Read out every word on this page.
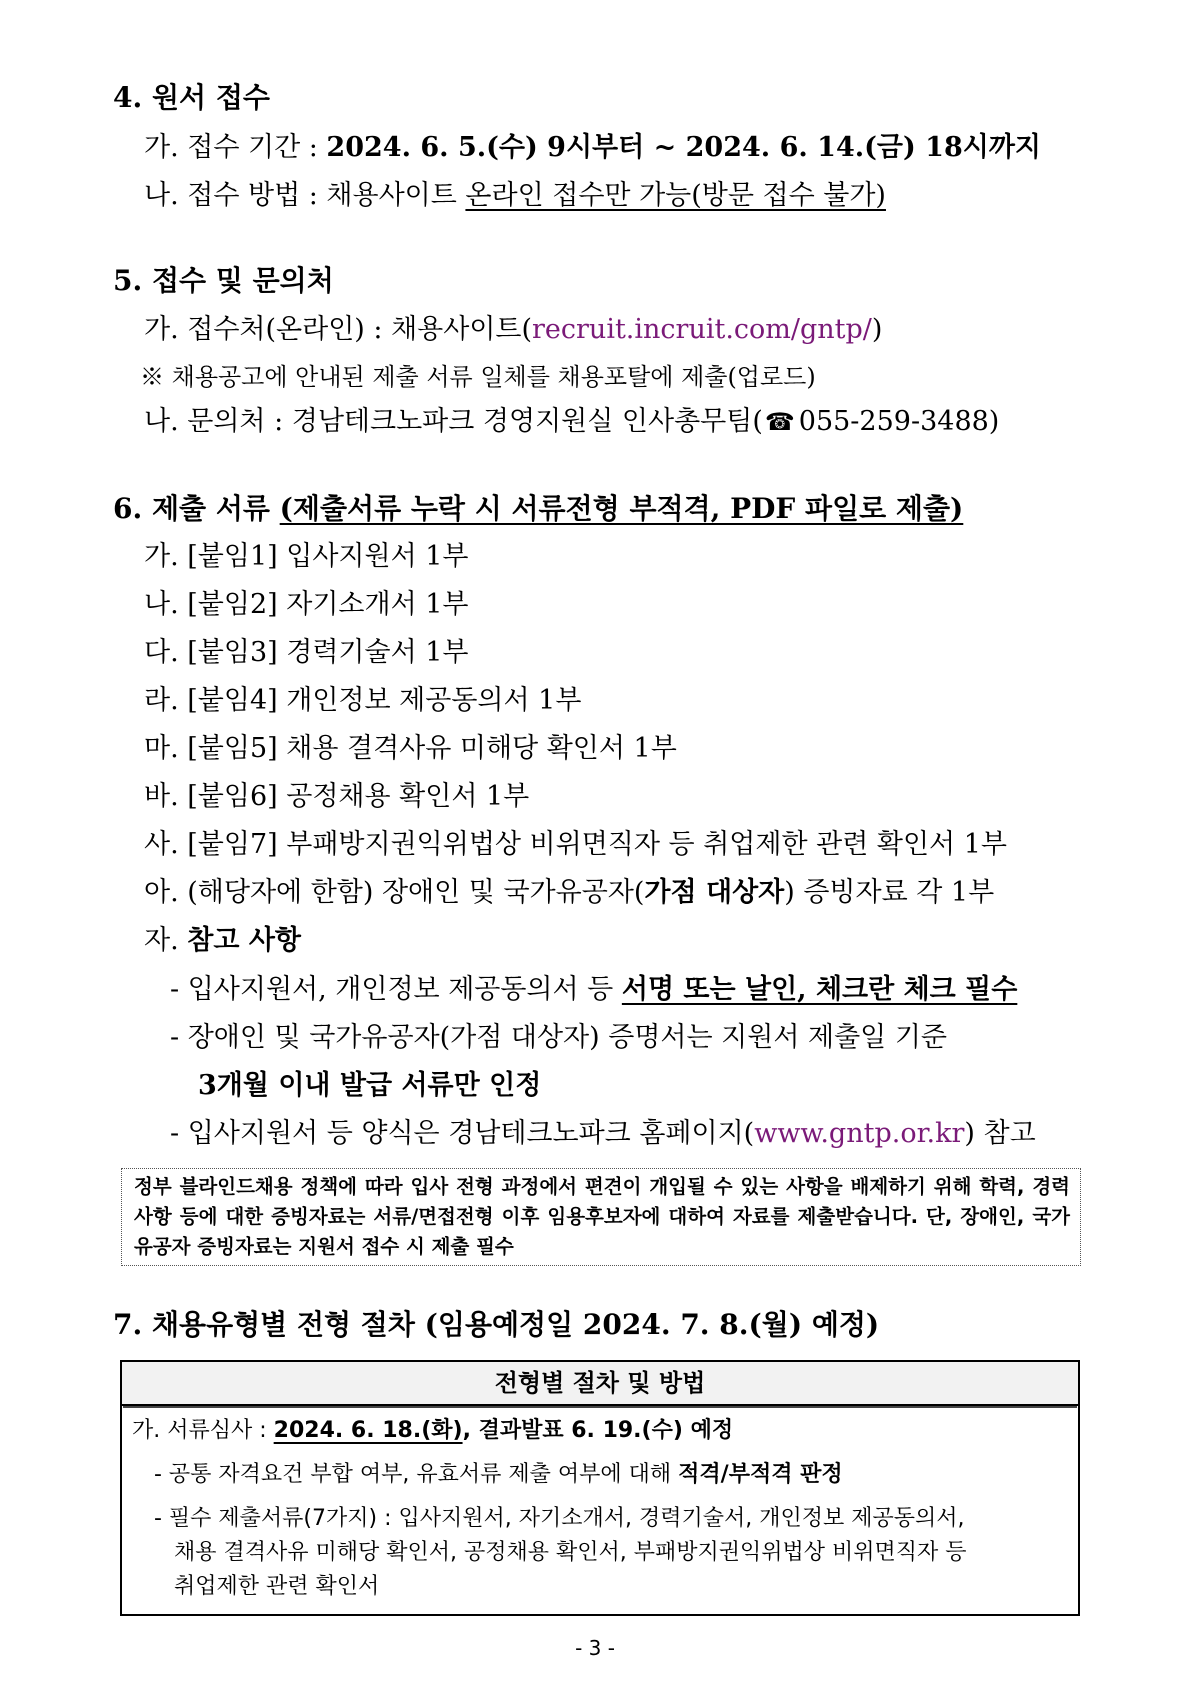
4. 원서 접수
가. 접수 기간 : 2024. 6. 5.(수) 9시부터 ~ 2024. 6. 14.(금) 18시까지
나. 접수 방법 : 채용사이트 온라인 접수만 가능(방문 접수 불가)
5. 접수 및 문의처
가. 접수처(온라인) : 채용사이트(recruit.incruit.com/gntp/)
※ 채용공고에 안내된 제출 서류 일체를 채용포탈에 제출(업로드)
나. 문의처 : 경남테크노파크 경영지원실 인사총무팀(☎ 055-259-3488)
6. 제출 서류 (제출서류 누락 시 서류전형 부적격, PDF 파일로 제출)
가. [붙임1] 입사지원서 1부
나. [붙임2] 자기소개서 1부
다. [붙임3] 경력기술서 1부
라. [붙임4] 개인정보 제공동의서 1부
마. [붙임5] 채용 결격사유 미해당 확인서 1부
바. [붙임6] 공정채용 확인서 1부
사. [붙임7] 부패방지권익위법상 비위면직자 등 취업제한 관련 확인서 1부
아. (해당자에 한함) 장애인 및 국가유공자(가점 대상자) 증빙자료 각 1부
자. 참고 사항
- 입사지원서, 개인정보 제공동의서 등 서명 또는 날인, 체크란 체크 필수
- 장애인 및 국가유공자(가점 대상자) 증명서는 지원서 제출일 기준
3개월 이내 발급 서류만 인정
- 입사지원서 등 양식은 경남테크노파크 홈페이지(www.gntp.or.kr) 참고
정부 블라인드채용 정책에 따라 입사 전형 과정에서 편견이 개입될 수 있는 사항을 배제하기 위해 학력, 경력 사항 등에 대한 증빙자료는 서류/면접전형 이후 임용후보자에 대하여 자료를 제출받습니다. 단, 장애인, 국가유공자 증빙자료는 지원서 접수 시 제출 필수
7. 채용유형별 전형 절차 (임용예정일 2024. 7. 8.(월) 예정)
전형별 절차 및 방법
가. 서류심사 : 2024. 6. 18.(화), 결과발표 6. 19.(수) 예정
- 공통 자격요건 부합 여부, 유효서류 제출 여부에 대해 적격/부적격 판정
- 필수 제출서류(7가지) : 입사지원서, 자기소개서, 경력기술서, 개인정보 제공동의서,
채용 결격사유 미해당 확인서, 공정채용 확인서, 부패방지권익위법상 비위면직자 등
취업제한 관련 확인서
- 3 -
